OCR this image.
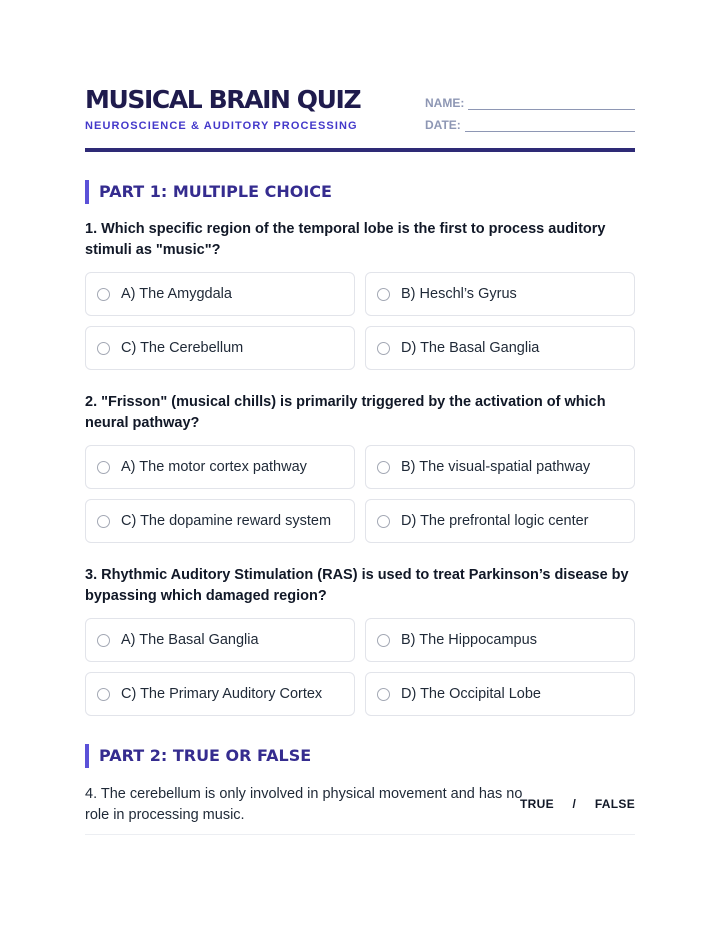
MUSICAL BRAIN QUIZ
NEUROSCIENCE & AUDITORY PROCESSING
NAME:
DATE:
PART 1: MULTIPLE CHOICE
1. Which specific region of the temporal lobe is the first to process auditory stimuli as "music"?
A) The Amygdala	B) Heschl’s Gyrus
C) The Cerebellum	D) The Basal Ganglia
2. "Frisson" (musical chills) is primarily triggered by the activation of which neural pathway?
A) The motor cortex pathway	B) The visual-spatial pathway
C) The dopamine reward system	D) The prefrontal logic center
3. Rhythmic Auditory Stimulation (RAS) is used to treat Parkinson’s disease by bypassing which damaged region?
A) The Basal Ganglia	B) The Hippocampus
C) The Primary Auditory Cortex	D) The Occipital Lobe
PART 2: TRUE OR FALSE
4. The cerebellum is only involved in physical movement and has no role in processing music.
TRUE / FALSE
